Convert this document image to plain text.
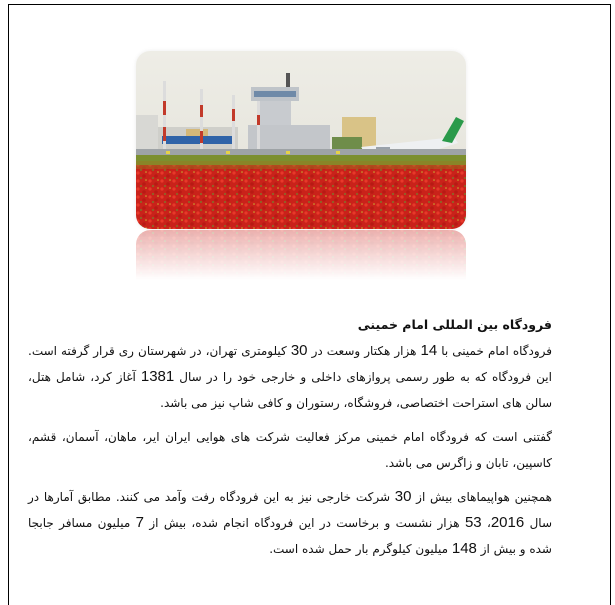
فرودگاه بین المللی امام خمینی

فرودگاه امام خمینی با 14 هزار هکتار وسعت در 30 کیلومتری تهران، در شهرستان ری قرار گرفته است. این فرودگاه که به طور رسمی پروازهای داخلی و خارجی خود را در سال 1381 آغاز کرد، شامل هتل، سالن های استراحت اختصاصی، فروشگاه، رستوران و کافی شاپ نیز می باشد.

گفتنی است که فرودگاه امام خمینی مرکز فعالیت شرکت های هوایی ایران ایر، ماهان، آسمان، قشم، کاسپین، تابان و زاگرس می باشد.

همچنین هواپیماهای بیش از 30 شرکت خارجی نیز به این فرودگاه رفت وآمد می کنند. مطابق آمارها در سال 2016، 53 هزار نشست و برخاست در این فرودگاه انجام شده، بیش از 7 میلیون مسافر جابجا شده و بیش از 148 میلیون کیلوگرم بار حمل شده است.
